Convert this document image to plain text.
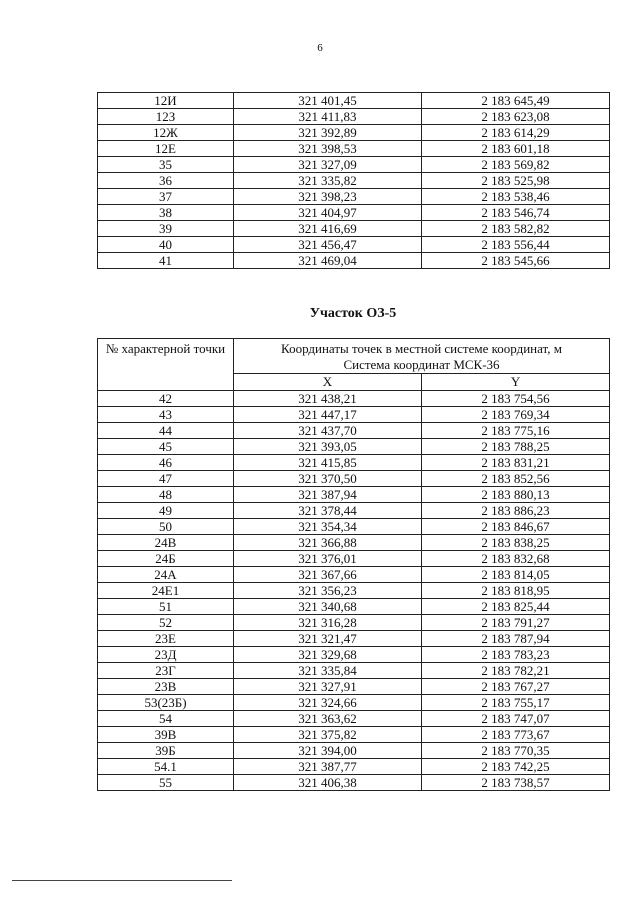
6
12И	321 401,45	2 183 645,49
12З	321 411,83	2 183 623,08
12Ж	321 392,89	2 183 614,29
12Е	321 398,53	2 183 601,18
35	321 327,09	2 183 569,82
36	321 335,82	2 183 525,98
37	321 398,23	2 183 538,46
38	321 404,97	2 183 546,74
39	321 416,69	2 183 582,82
40	321 456,47	2 183 556,44
41	321 469,04	2 183 545,66
Участок ОЗ-5
№ характерной точки	Координаты точек в местной системе координат, м	
	Система координат МСК-36	
	X	Y
42	321 438,21	2 183 754,56
43	321 447,17	2 183 769,34
44	321 437,70	2 183 775,16
45	321 393,05	2 183 788,25
46	321 415,85	2 183 831,21
47	321 370,50	2 183 852,56
48	321 387,94	2 183 880,13
49	321 378,44	2 183 886,23
50	321 354,34	2 183 846,67
24В	321 366,88	2 183 838,25
24Б	321 376,01	2 183 832,68
24А	321 367,66	2 183 814,05
24Е1	321 356,23	2 183 818,95
51	321 340,68	2 183 825,44
52	321 316,28	2 183 791,27
23Е	321 321,47	2 183 787,94
23Д	321 329,68	2 183 783,23
23Г	321 335,84	2 183 782,21
23В	321 327,91	2 183 767,27
53(23Б)	321 324,66	2 183 755,17
54	321 363,62	2 183 747,07
39В	321 375,82	2 183 773,67
39Б	321 394,00	2 183 770,35
54.1	321 387,77	2 183 742,25
55	321 406,38	2 183 738,57
